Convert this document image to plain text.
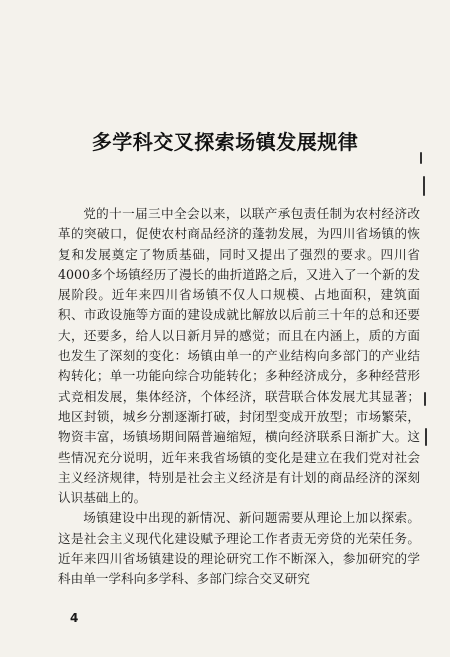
多学科交叉探索场镇发展规律

党的十一届三中全会以来，以联产承包责任制为农村经济改革的突破口，促使农村商品经济的蓬勃发展，为四川省场镇的恢复和发展奠定了物质基础，同时又提出了强烈的要求。四川省4000多个场镇经历了漫长的曲折道路之后，又进入了一个新的发展阶段。近年来四川省场镇不仅人口规模、占地面积，建筑面积、市政设施等方面的建设成就比解放以后前三十年的总和还要大，还要多，给人以日新月异的感觉；而且在内涵上，质的方面也发生了深刻的变化：场镇由单一的产业结构向多部门的产业结构转化；单一功能向综合功能转化；多种经济成分，多种经营形式竞相发展，集体经济，个体经济，联营联合体发展尤其显著；地区封锁，城乡分割逐渐打破，封闭型变成开放型；市场繁荣，物资丰富，场镇场期间隔普遍缩短，横向经济联系日渐扩大。这些情况充分说明，近年来我省场镇的变化是建立在我们党对社会主义经济规律，特别是社会主义经济是有计划的商品经济的深刻认识基础上的。

场镇建设中出现的新情况、新问题需要从理论上加以探索。这是社会主义现代化建设赋予理论工作者责无旁贷的光荣任务。近年来四川省场镇建设的理论研究工作不断深入，参加研究的学科由单一学科向多学科、多部门综合交叉研究

4
